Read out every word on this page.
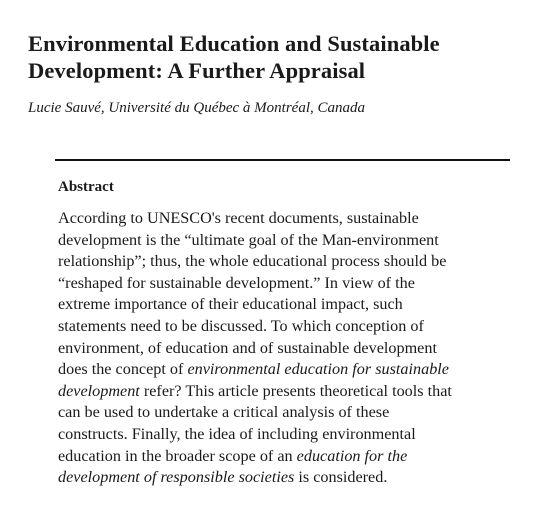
Environmental Education and Sustainable
Development: A Further Appraisal

Lucie Sauvé, Université du Québec à Montréal, Canada

Abstract
According to UNESCO's recent documents, sustainable
development is the “ultimate goal of the Man-environment
relationship”; thus, the whole educational process should be
“reshaped for sustainable development.” In view of the
extreme importance of their educational impact, such
statements need to be discussed. To which conception of
environment, of education and of sustainable development
does the concept of environmental education for sustainable
development refer? This article presents theoretical tools that
can be used to undertake a critical analysis of these
constructs. Finally, the idea of including environmental
education in the broader scope of an education for the
development of responsible societies is considered.
